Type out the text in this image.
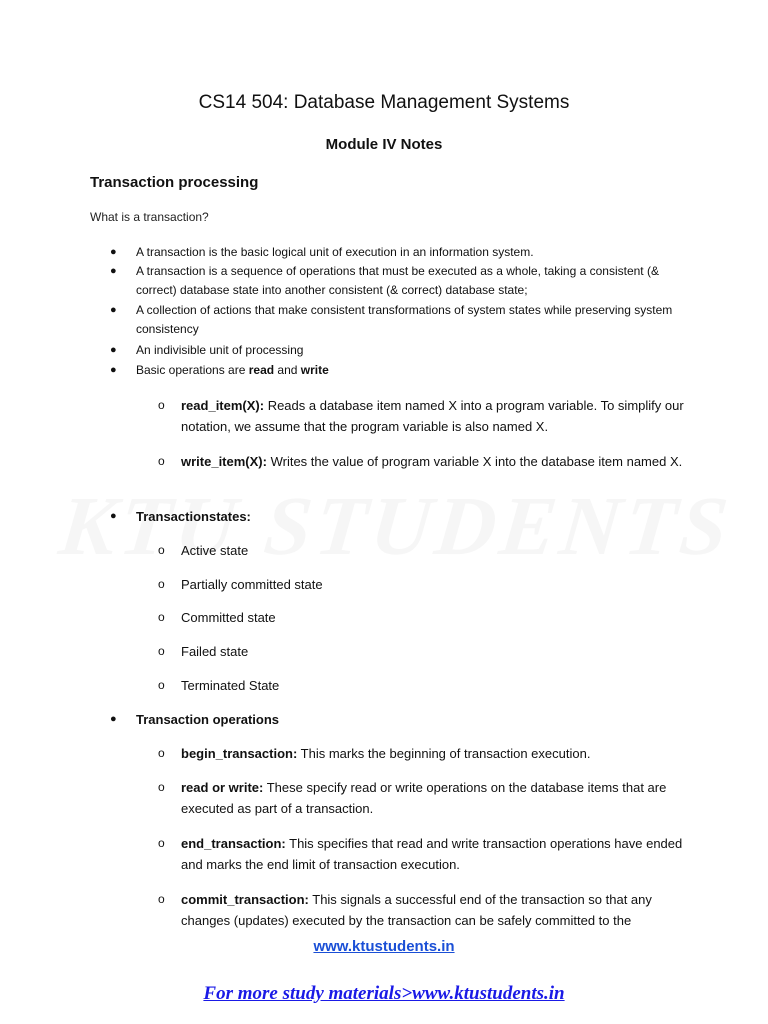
CS14 504: Database Management Systems
Module IV Notes
Transaction processing
What is a transaction?
● A transaction is the basic logical unit of execution in an information system.
● A transaction is a sequence of operations that must be executed as a whole, taking a consistent (& correct) database state into another consistent (& correct) database state;
● A collection of actions that make consistent transformations of system states while preserving system consistency
● An indivisible unit of processing
● Basic operations are read and write
o read_item(X): Reads a database item named X into a program variable. To simplify our notation, we assume that the program variable is also named X.
o write_item(X): Writes the value of program variable X into the database item named X.
● Transactionstates:
o Active state
o Partially committed state
o Committed state
o Failed state
o Terminated State
● Transaction operations
o begin_transaction: This marks the beginning of transaction execution.
o read or write: These specify read or write operations on the database items that are executed as part of a transaction.
o end_transaction: This specifies that read and write transaction operations have ended and marks the end limit of transaction execution.
o commit_transaction: This signals a successful end of the transaction so that any changes (updates) executed by the transaction can be safely committed to the
www.ktustudents.in
For more study materials>www.ktustudents.in
